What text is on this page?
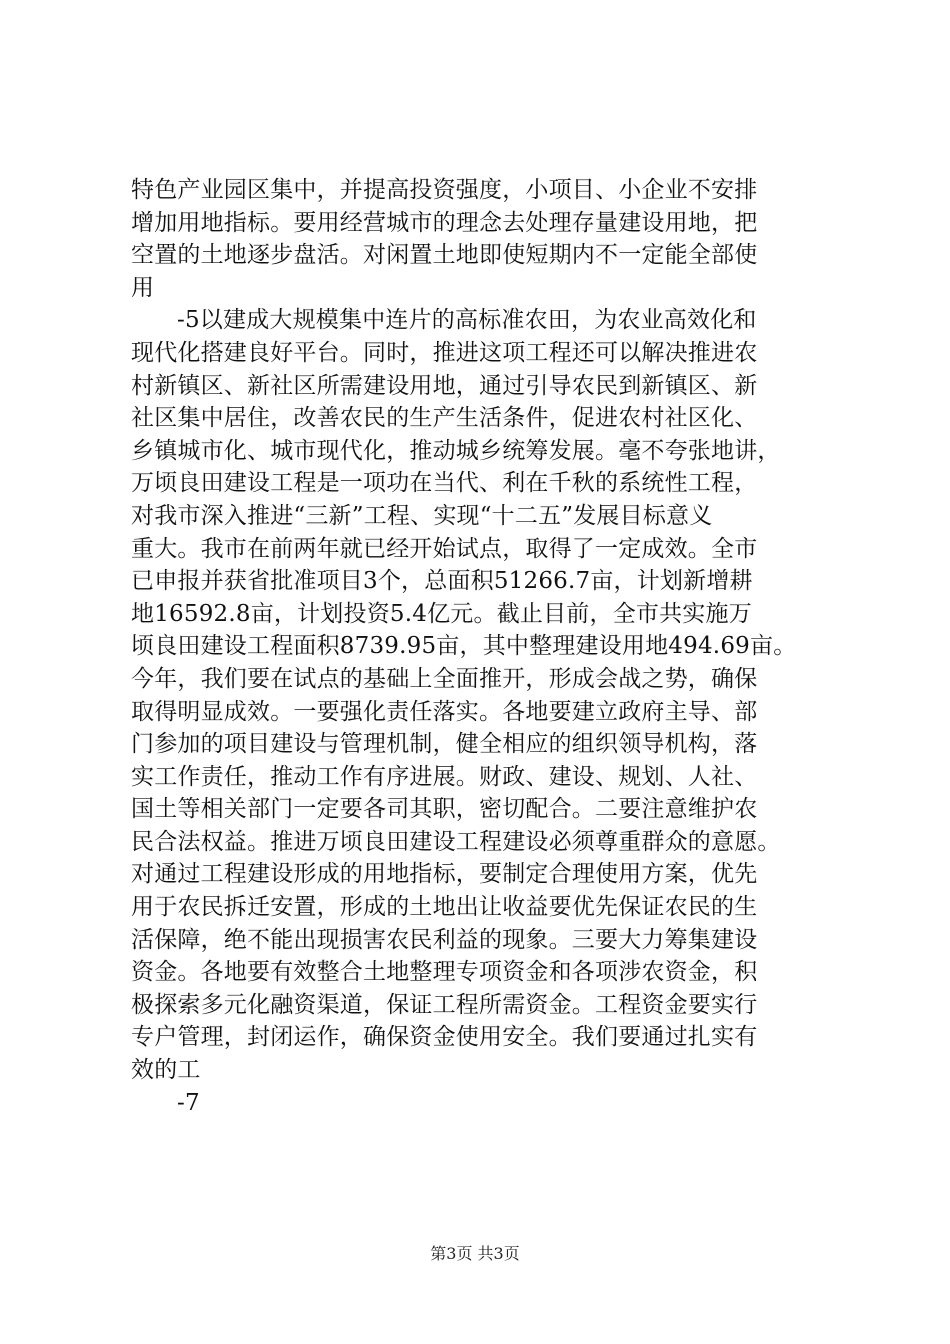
特色产业园区集中，并提高投资强度，小项目、小企业不安排
增加用地指标。要用经营城市的理念去处理存量建设用地，把
空置的土地逐步盘活。对闲置土地即使短期内不一定能全部使
用
-5以建成大规模集中连片的高标准农田，为农业高效化和
现代化搭建良好平台。同时，推进这项工程还可以解决推进农
村新镇区、新社区所需建设用地，通过引导农民到新镇区、新
社区集中居住，改善农民的生产生活条件，促进农村社区化、
乡镇城市化、城市现代化，推动城乡统筹发展。毫不夸张地讲，
万顷良田建设工程是一项功在当代、利在千秋的系统性工程，
对我市深入推进“三新”工程、实现“十二五”发展目标意义
重大。我市在前两年就已经开始试点，取得了一定成效。全市
已申报并获省批准项目3个，总面积51266.7亩，计划新增耕
地16592.8亩，计划投资5.4亿元。截止目前，全市共实施万
顷良田建设工程面积8739.95亩，其中整理建设用地494.69亩。
今年，我们要在试点的基础上全面推开，形成会战之势，确保
取得明显成效。一要强化责任落实。各地要建立政府主导、部
门参加的项目建设与管理机制，健全相应的组织领导机构，落
实工作责任，推动工作有序进展。财政、建设、规划、人社、
国土等相关部门一定要各司其职，密切配合。二要注意维护农
民合法权益。推进万顷良田建设工程建设必须尊重群众的意愿。
对通过工程建设形成的用地指标，要制定合理使用方案，优先
用于农民拆迁安置，形成的土地出让收益要优先保证农民的生
活保障，绝不能出现损害农民利益的现象。三要大力筹集建设
资金。各地要有效整合土地整理专项资金和各项涉农资金，积
极探索多元化融资渠道，保证工程所需资金。工程资金要实行
专户管理，封闭运作，确保资金使用安全。我们要通过扎实有
效的工
-7
第3页 共3页
